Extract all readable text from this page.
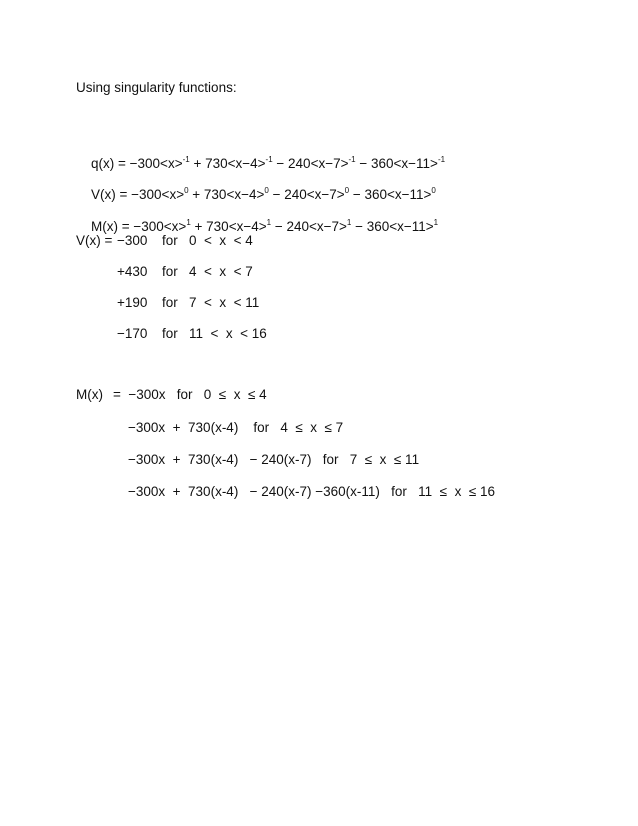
Using singularity functions:

q(x) = −300<x>$^{-1}$ + 730<x−4>$^{-1}$ − 240<x−7>$^{-1}$ − 360<x−11>$^{-1}$

V(x) = −300<x>$^0$ + 730<x−4>$^0$ − 240<x−7>$^0$ − 360<x−11>$^0$

M(x) = −300<x>$^1$ + 730<x−4>$^1$ − 240<x−7>$^1$ − 360<x−11>$^1$

V(x) = −300 for   0  <  x  < 4
+430 for   4  <  x  < 7
+190 for   7  <  x  < 11
−170 for   11  <  x  < 16
M(x) =  −300x   for   0  ≤  x  ≤ 4
−300x  +  730(x-4)    for   4  ≤  x  ≤ 7
−300x  +  730(x-4)   − 240(x-7)   for   7  ≤  x  ≤ 11
−300x  +  730(x-4)   − 240(x-7) −360(x-11)   for   11  ≤  x  ≤ 16
